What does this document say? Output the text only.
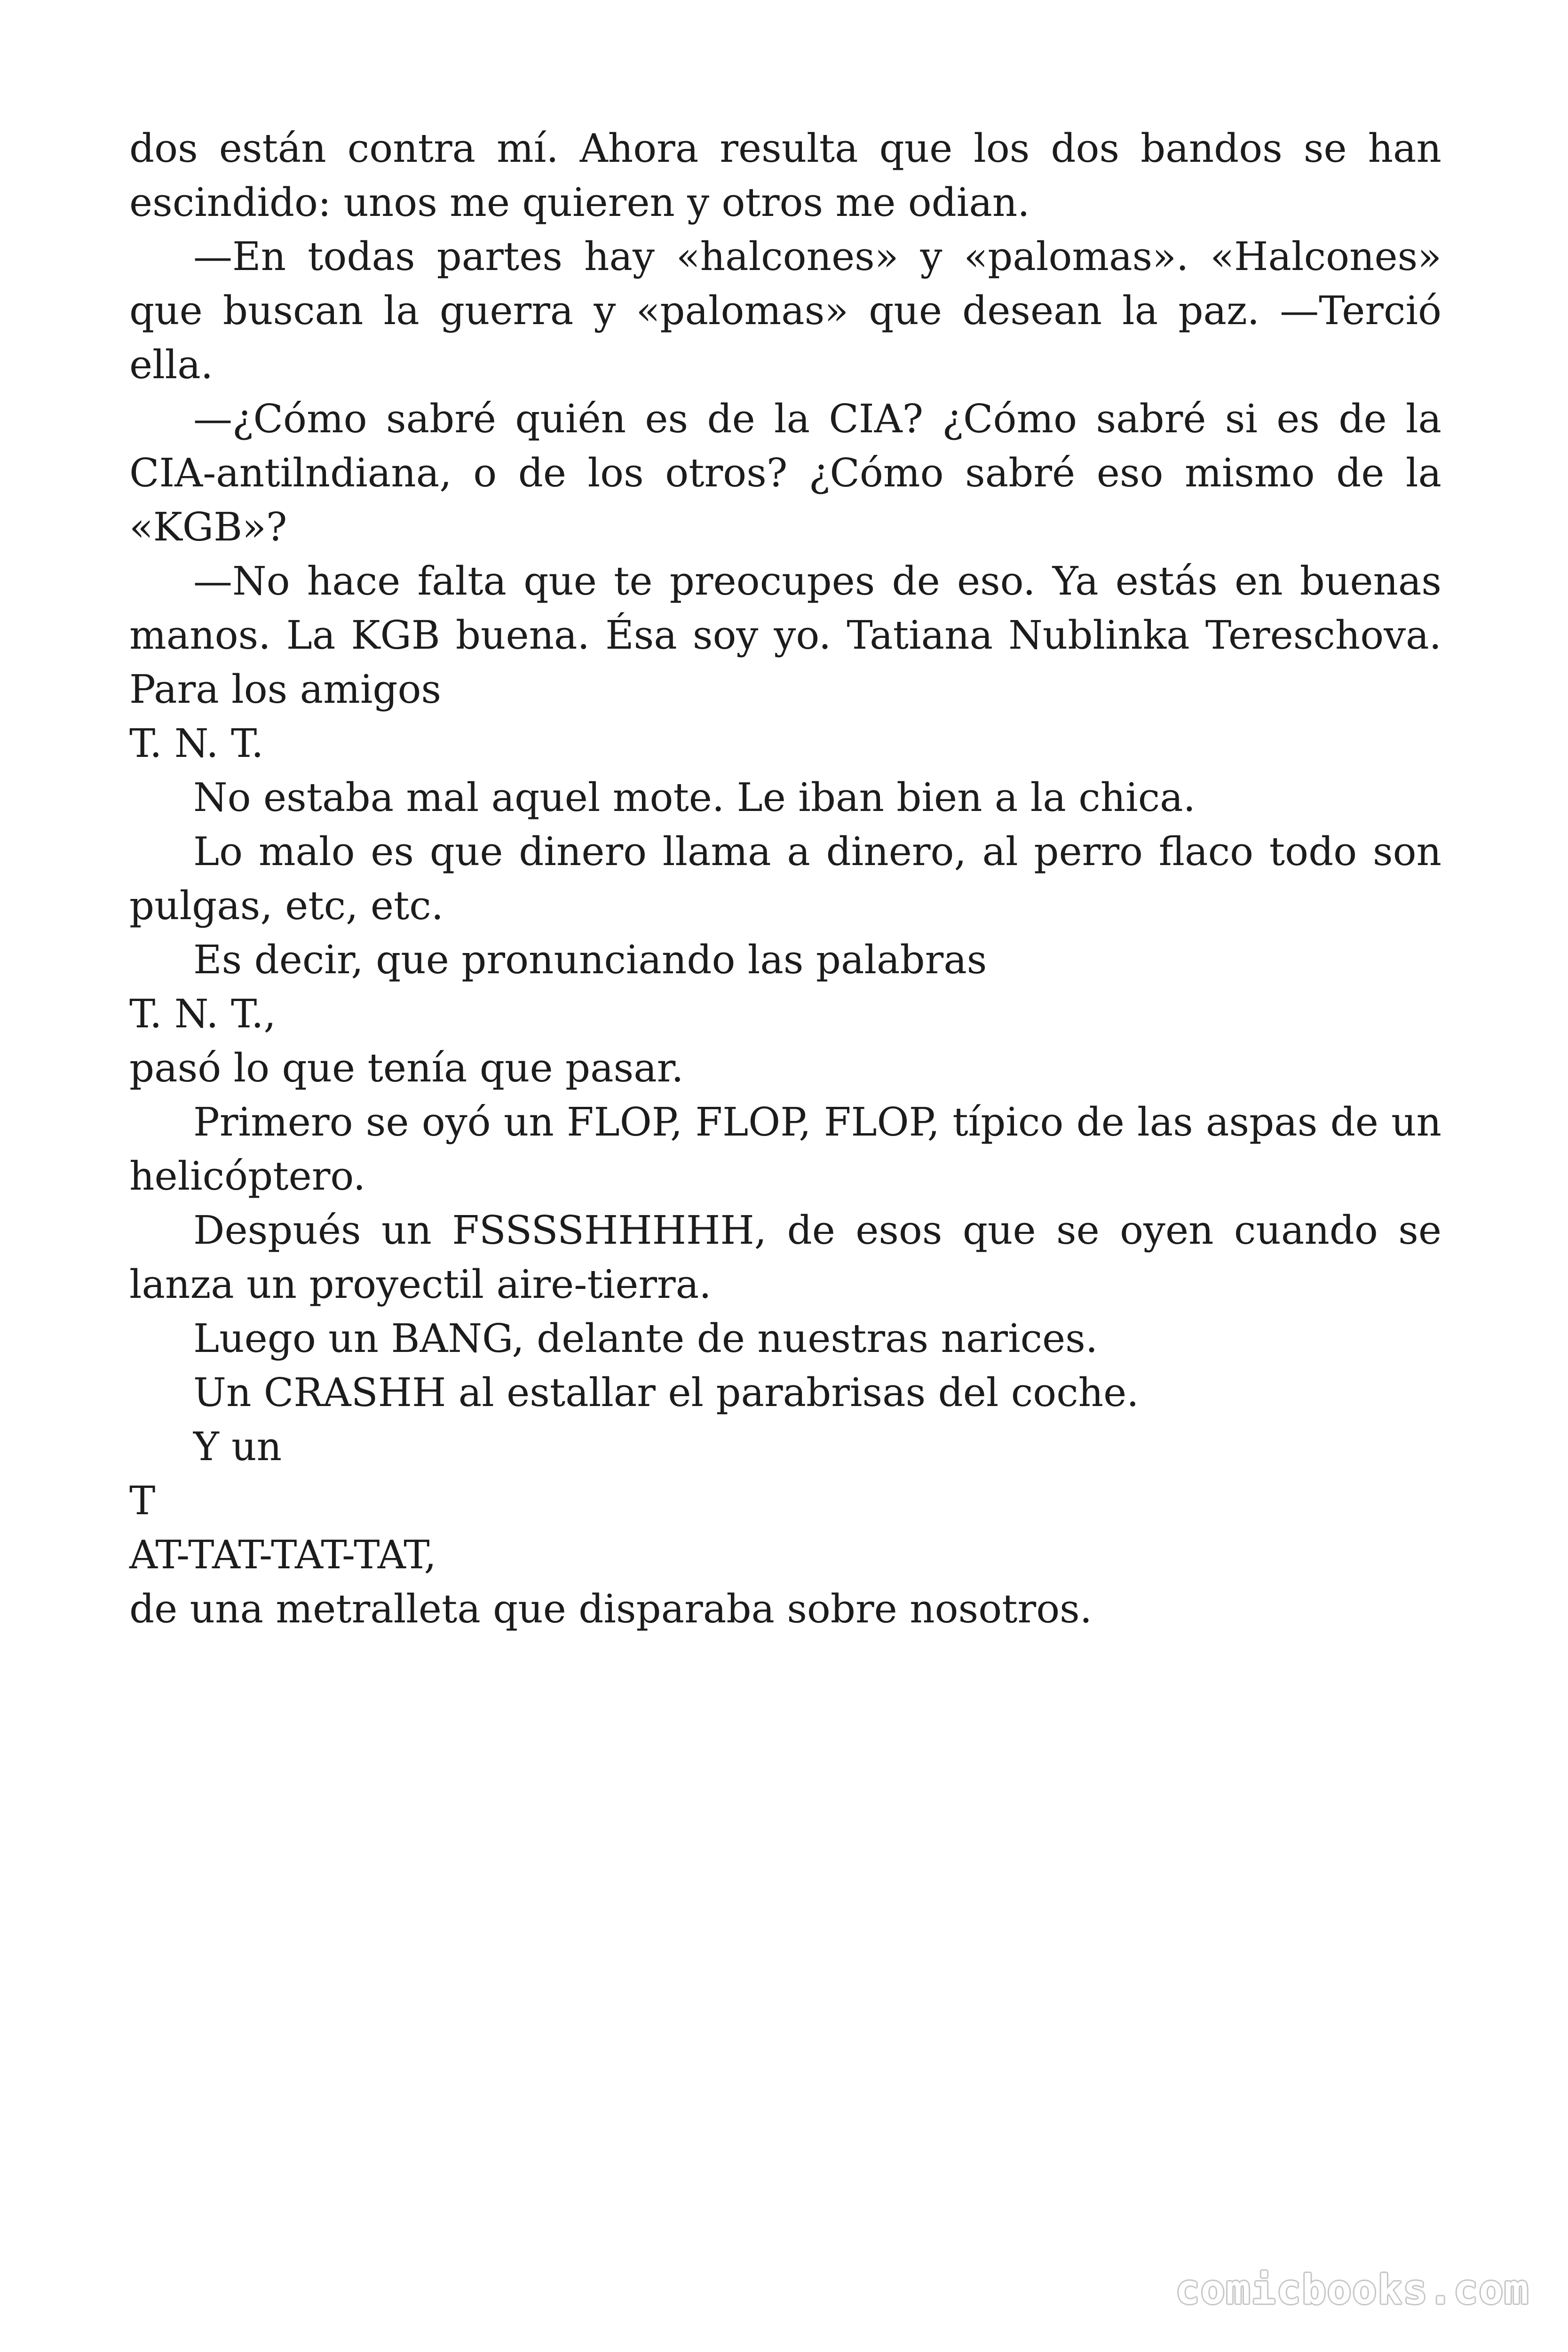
dos están contra mí. Ahora resulta que los dos bandos se han escindido: unos me quieren y otros me odian.

—En todas partes hay «halcones» y «palomas». «Halcones» que buscan la guerra y «palomas» que desean la paz. —Terció ella.

—¿Cómo sabré quién es de la CIA? ¿Cómo sabré si es de la CIA-antilndiana, o de los otros? ¿Cómo sabré eso mismo de la «KGB»?

—No hace falta que te preocupes de eso. Ya estás en buenas manos. La KGB buena. Ésa soy yo. Tatiana Nublinka Tereschova. Para los amigos

T. N. T.

No estaba mal aquel mote. Le iban bien a la chica.

Lo malo es que dinero llama a dinero, al perro flaco todo son pulgas, etc, etc.

Es decir, que pronunciando las palabras

T. N. T.,

pasó lo que tenía que pasar.

Primero se oyó un FLOP, FLOP, FLOP, típico de las aspas de un helicóptero.

Después un FSSSSHHHHH, de esos que se oyen cuando se lanza un proyectil aire-tierra.

Luego un BANG, delante de nuestras narices.

Un CRASHH al estallar el parabrisas del coche.

Y un

T

AT-TAT-TAT-TAT,

de una metralleta que disparaba sobre nosotros.

comicbooks.com
